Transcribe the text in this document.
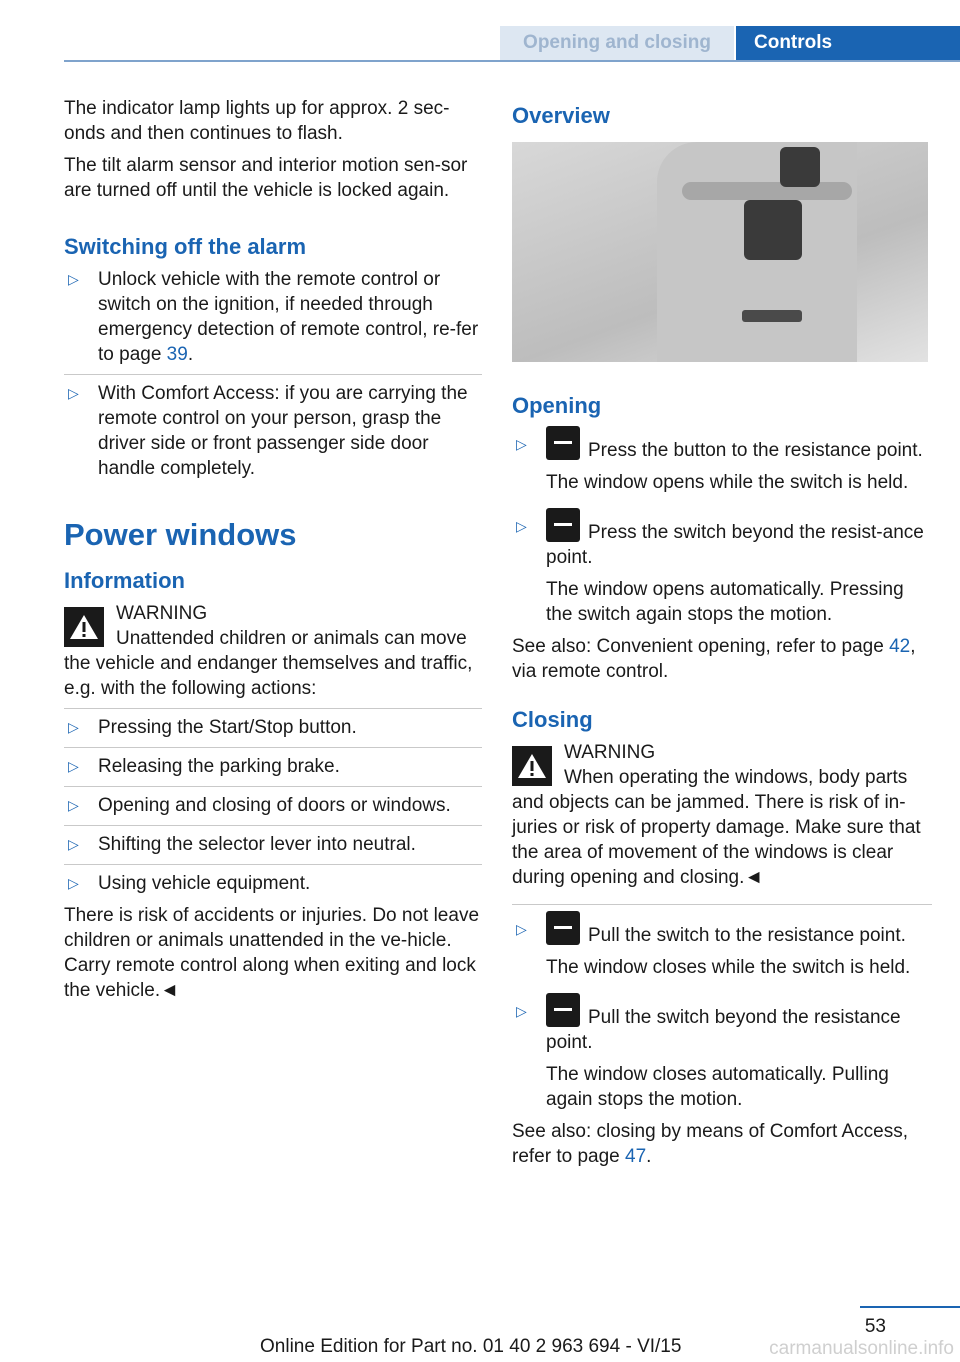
Opening and closing	Controls

The indicator lamp lights up for approx. 2 sec-onds and then continues to flash.

The tilt alarm sensor and interior motion sen-sor are turned off until the vehicle is locked again.

Switching off the alarm
▷ Unlock vehicle with the remote control or switch on the ignition, if needed through emergency detection of remote control, re-fer to page 39.
▷ With Comfort Access: if you are carrying the remote control on your person, grasp the driver side or front passenger side door handle completely.
Power windows
Information
WARNING
Unattended children or animals can move the vehicle and endanger themselves and traffic, e.g. with the following actions:
▷ Pressing the Start/Stop button.
▷ Releasing the parking brake.
▷ Opening and closing of doors or windows.
▷ Shifting the selector lever into neutral.
▷ Using vehicle equipment.

There is risk of accidents or injuries. Do not leave children or animals unattended in the ve-hicle. Carry remote control along when exiting and lock the vehicle.◄

Overview
Opening
▷	Press the button to the resistance point.
The window opens while the switch is held.
▷	Press the switch beyond the resist-ance point.
The window opens automatically. Pressing the switch again stops the motion.

See also: Convenient opening, refer to page 42, via remote control.

Closing
WARNING
When operating the windows, body parts and objects can be jammed. There is risk of in-juries or risk of property damage. Make sure that the area of movement of the windows is clear during opening and closing.◄
▷	Pull the switch to the resistance point.
The window closes while the switch is held.
▷	Pull the switch beyond the resistance point.
The window closes automatically. Pulling again stops the motion.

See also: closing by means of Comfort Access, refer to page 47.

53
Online Edition for Part no. 01 40 2 963 694 - VI/15	carmanualsonline.info
